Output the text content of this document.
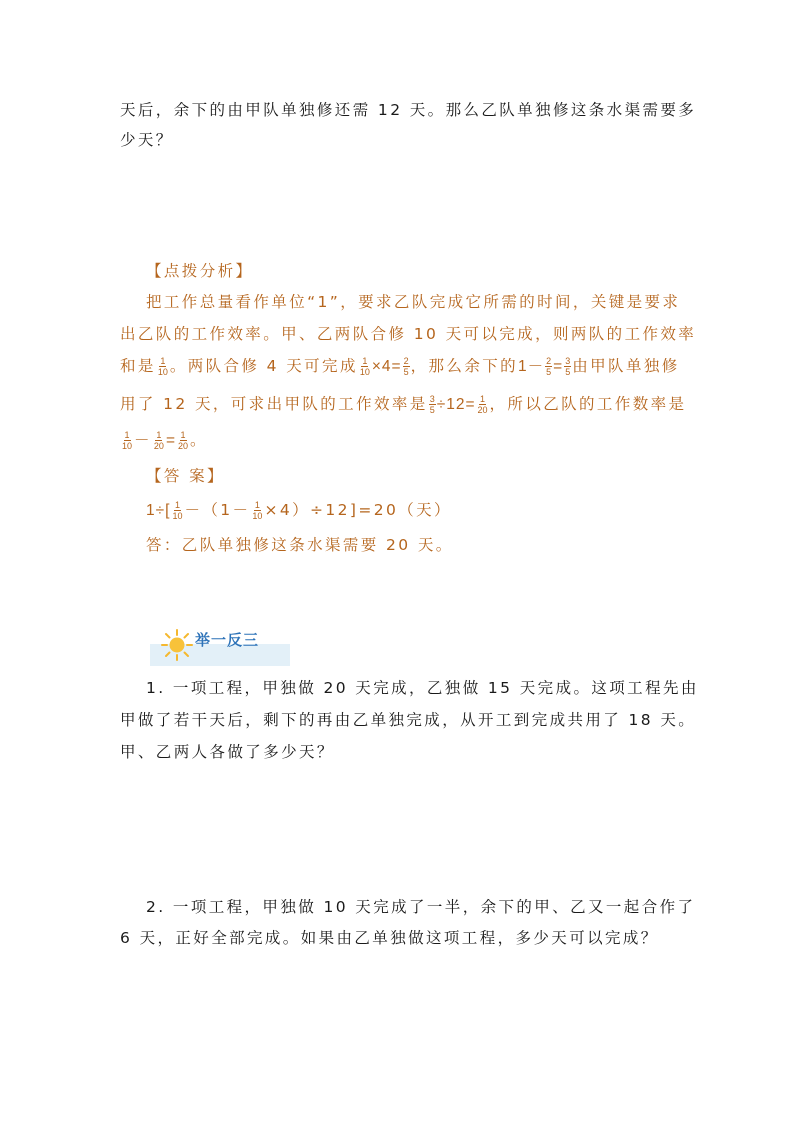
天后，余下的由甲队单独修还需 12 天。那么乙队单独修这条水渠需要多
少天？
【点拨分析】
把工作总量看作单位“1”，要求乙队完成它所需的时间，关键是要求
出乙队的工作效率。甲、乙两队合修 10 天可以完成，则两队的工作效率
和是 $\frac{1}{10}$ 。两队合修 4 天可完成 $\frac{1}{10} \times 4= \frac{2}{5}$ ，那么余下的$1- \frac{2}{5} = \frac{3}{5}$ 由甲队单独修
用了 12 天，可求出甲队的工作效率是 $\frac{3}{5} \div 12= \frac{1}{20}$ ，所以乙队的工作数率是
$\frac{1}{10} - \frac{1}{20} = \frac{1}{20}$ 。
【答 案】
$1\div[ \frac{1}{10} -(1- \frac{1}{10} \times 4)\div 12]=20$（天）
答：乙队单独修这条水渠需要 20 天。
举一反三
1. 一项工程，甲独做 20 天完成，乙独做 15 天完成。这项工程先由
甲做了若干天后，剩下的再由乙单独完成，从开工到完成共用了 18 天。
甲、乙两人各做了多少天？
2. 一项工程，甲独做 10 天完成了一半，余下的甲、乙又一起合作了
6 天，正好全部完成。如果由乙单独做这项工程，多少天可以完成？
